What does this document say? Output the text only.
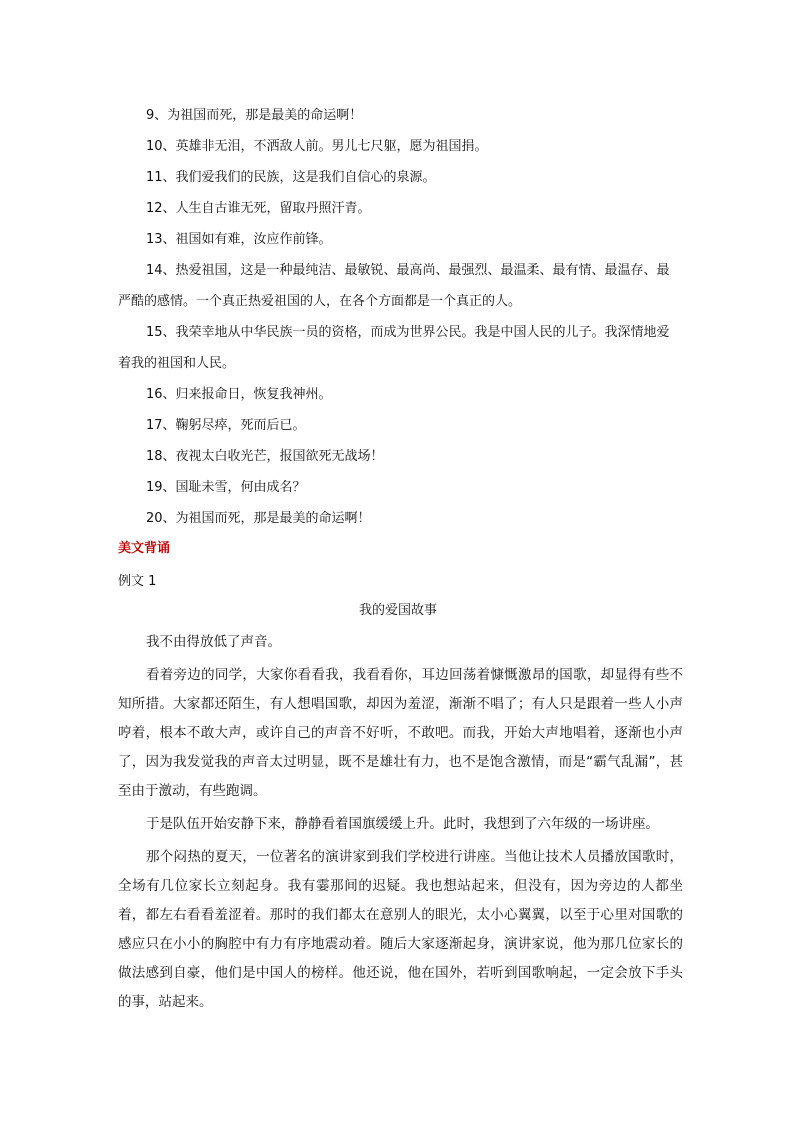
9、为祖国而死，那是最美的命运啊！
10、英雄非无泪，不洒敌人前。男儿七尺躯，愿为祖国捐。
11、我们爱我们的民族，这是我们自信心的泉源。
12、人生自古谁无死，留取丹照汗青。
13、祖国如有难，汝应作前锋。
14、热爱祖国，这是一种最纯洁、最敏锐、最高尚、最强烈、最温柔、最有情、最温存、最严酷的感情。一个真正热爱祖国的人，在各个方面都是一个真正的人。
15、我荣幸地从中华民族一员的资格，而成为世界公民。我是中国人民的儿子。我深情地爱着我的祖国和人民。
16、归来报命日，恢复我神州。
17、鞠躬尽瘁，死而后已。
18、夜视太白收光芒，报国欲死无战场！
19、国耻未雪，何由成名？
20、为祖国而死，那是最美的命运啊！
美文背诵
例文 1
我的爱国故事

我不由得放低了声音。

看着旁边的同学，大家你看看我，我看看你，耳边回荡着慷慨激昂的国歌，却显得有些不知所措。大家都还陌生，有人想唱国歌，却因为羞涩，渐渐不唱了；有人只是跟着一些人小声哼着，根本不敢大声，或许自己的声音不好听，不敢吧。而我，开始大声地唱着，逐渐也小声了，因为我发觉我的声音太过明显，既不是雄壮有力，也不是饱含激情，而是“霸气乱漏”，甚至由于激动，有些跑调。

于是队伍开始安静下来，静静看着国旗缓缓上升。此时，我想到了六年级的一场讲座。

那个闷热的夏天，一位著名的演讲家到我们学校进行讲座。当他让技术人员播放国歌时，全场有几位家长立刻起身。我有霎那间的迟疑。我也想站起来，但没有，因为旁边的人都坐着，都左右看看羞涩着。那时的我们都太在意别人的眼光，太小心翼翼，以至于心里对国歌的感应只在小小的胸腔中有力有序地震动着。随后大家逐渐起身，演讲家说，他为那几位家长的做法感到自豪，他们是中国人的榜样。他还说，他在国外，若听到国歌响起，一定会放下手头的事，站起来。
